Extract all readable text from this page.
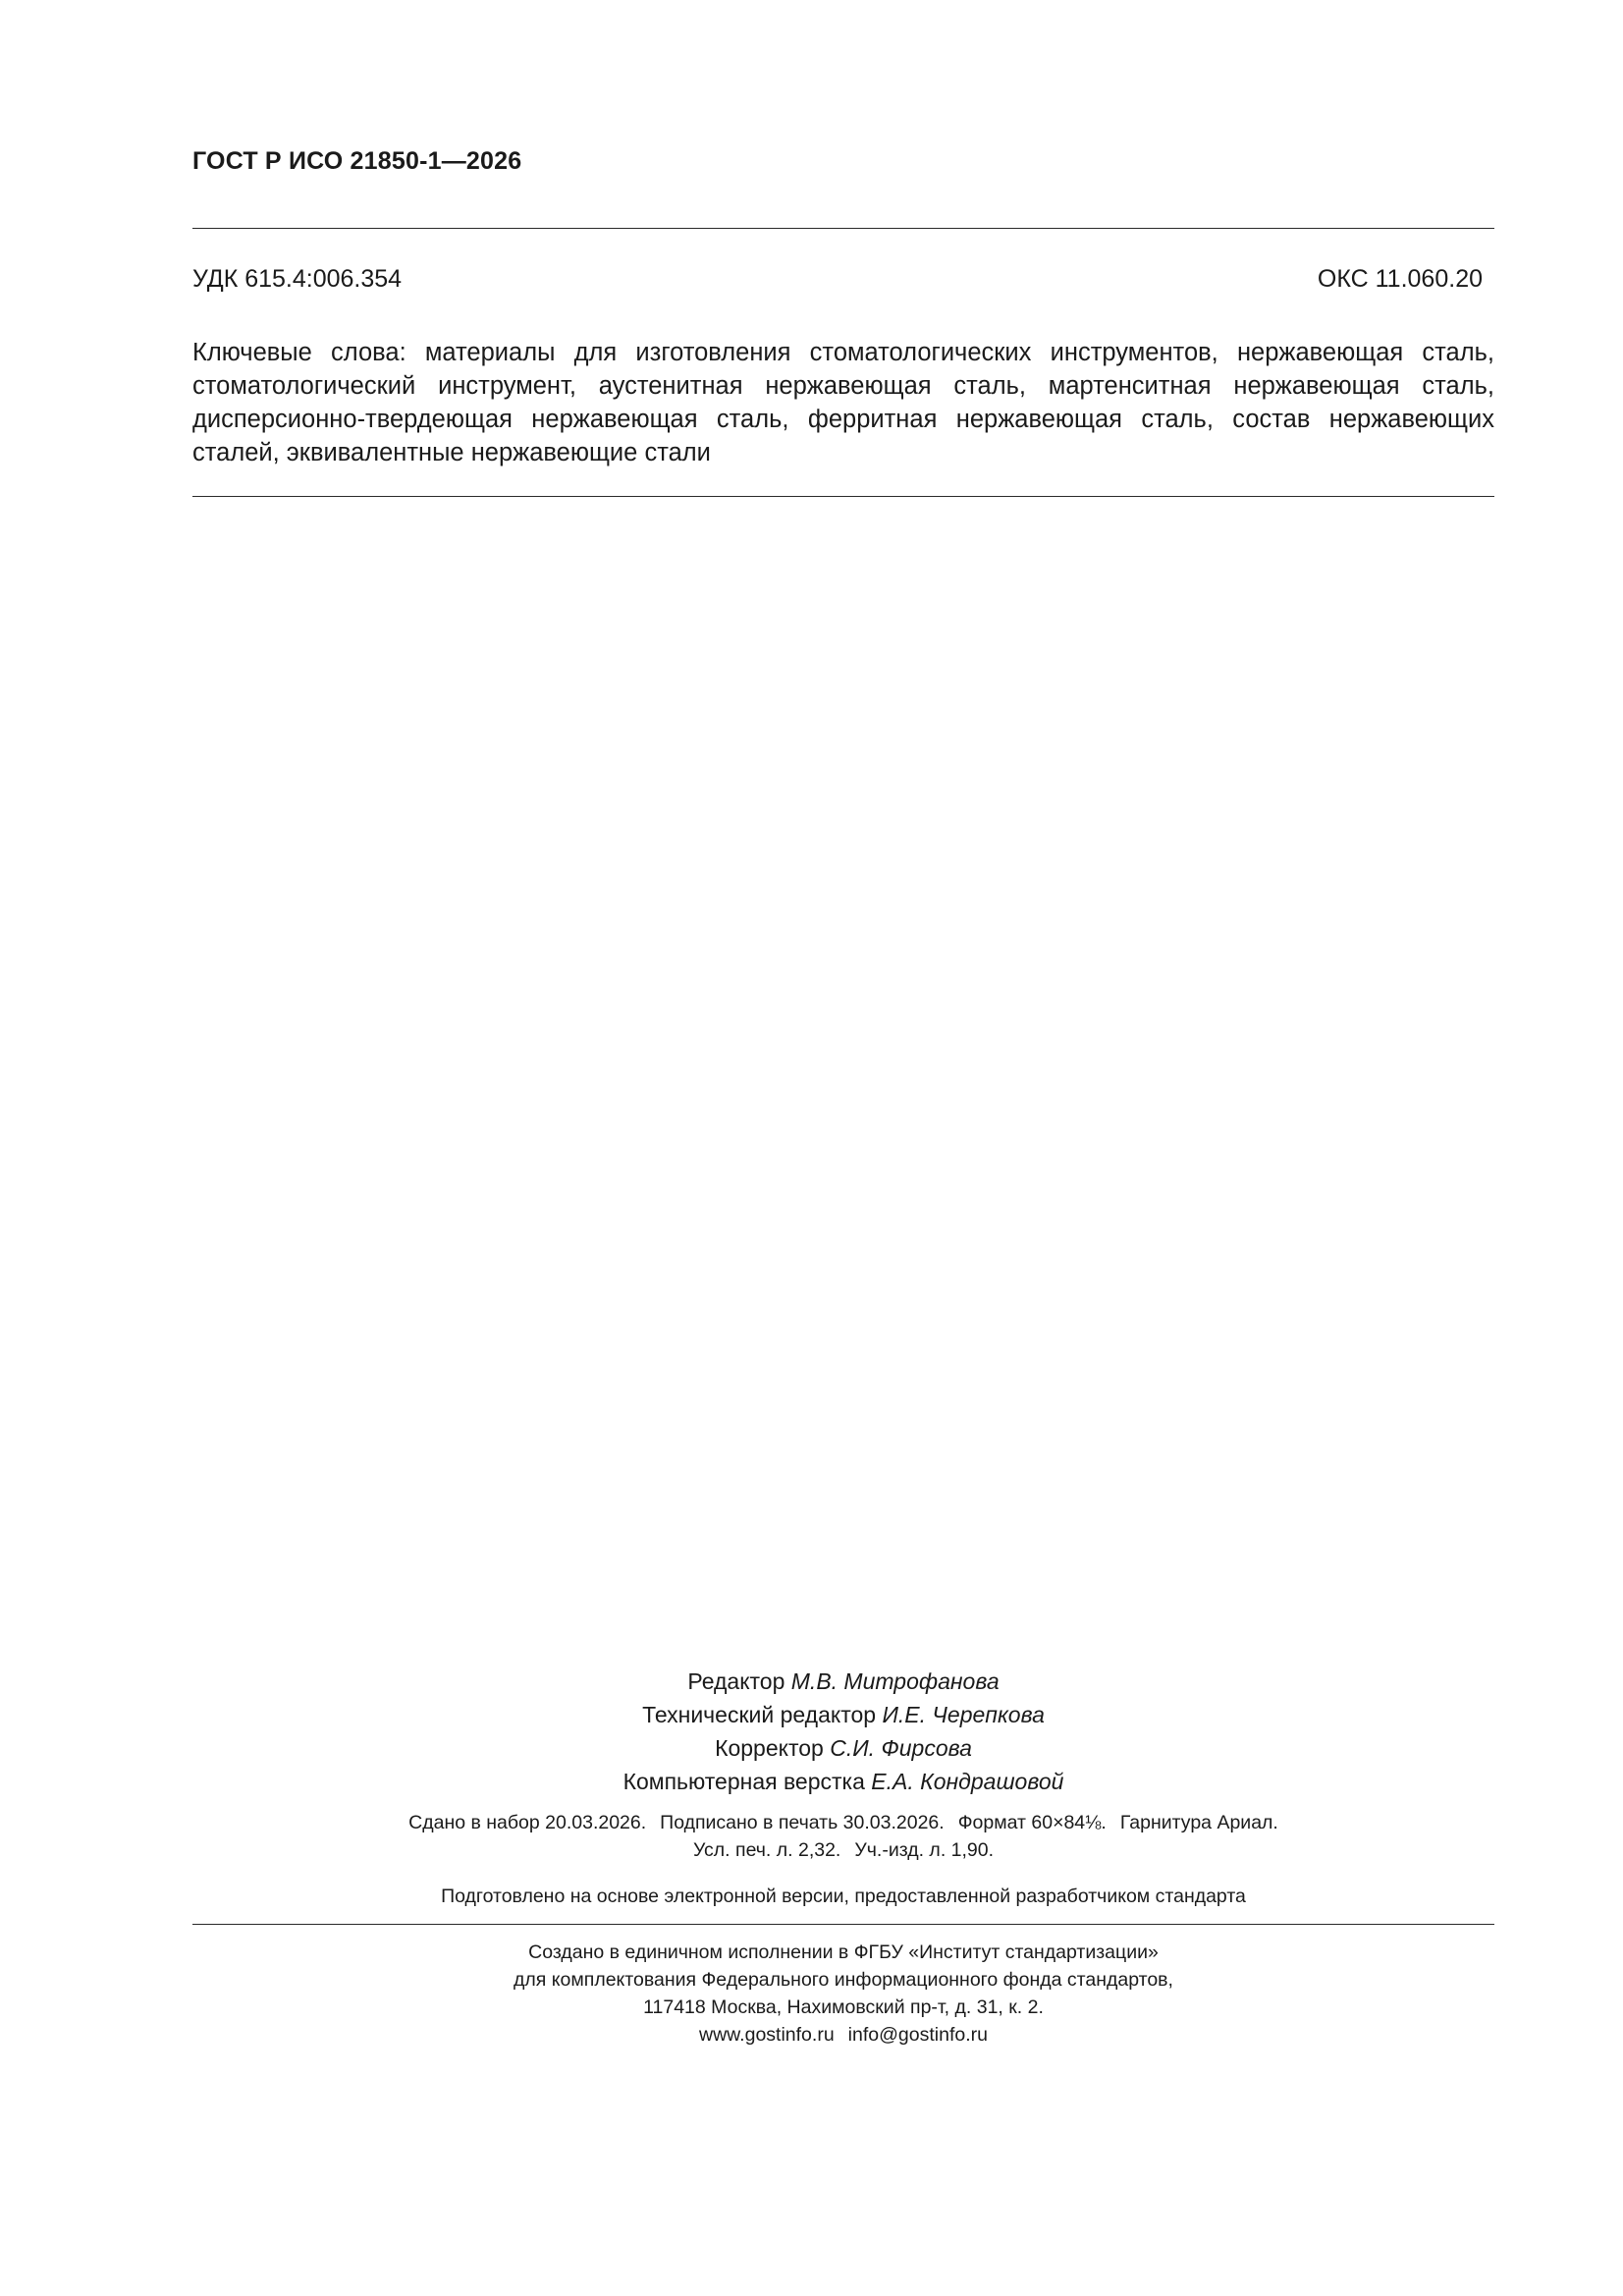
ГОСТ Р ИСО 21850-1—2026
УДК 615.4:006.354	ОКС 11.060.20
Ключевые слова: материалы для изготовления стоматологических инструментов, нержавеющая сталь, стоматологический инструмент, аустенитная нержавеющая сталь, мартенситная нержавеющая сталь, дисперсионно-твердеющая нержавеющая сталь, ферритная нержавеющая сталь, состав нержавеющих сталей, эквивалентные нержавеющие стали
Редактор М.В. Митрофанова
Технический редактор И.Е. Черепкова
Корректор С.И. Фирсова
Компьютерная верстка Е.А. Кондрашовой
Сдано в набор 20.03.2026. Подписано в печать 30.03.2026. Формат 60×84⅛. Гарнитура Ариал.
Усл. печ. л. 2,32. Уч.-изд. л. 1,90.
Подготовлено на основе электронной версии, предоставленной разработчиком стандарта
Создано в единичном исполнении в ФГБУ «Институт стандартизации»
для комплектования Федерального информационного фонда стандартов,
117418 Москва, Нахимовский пр-т, д. 31, к. 2.
www.gostinfo.ru info@gostinfo.ru
